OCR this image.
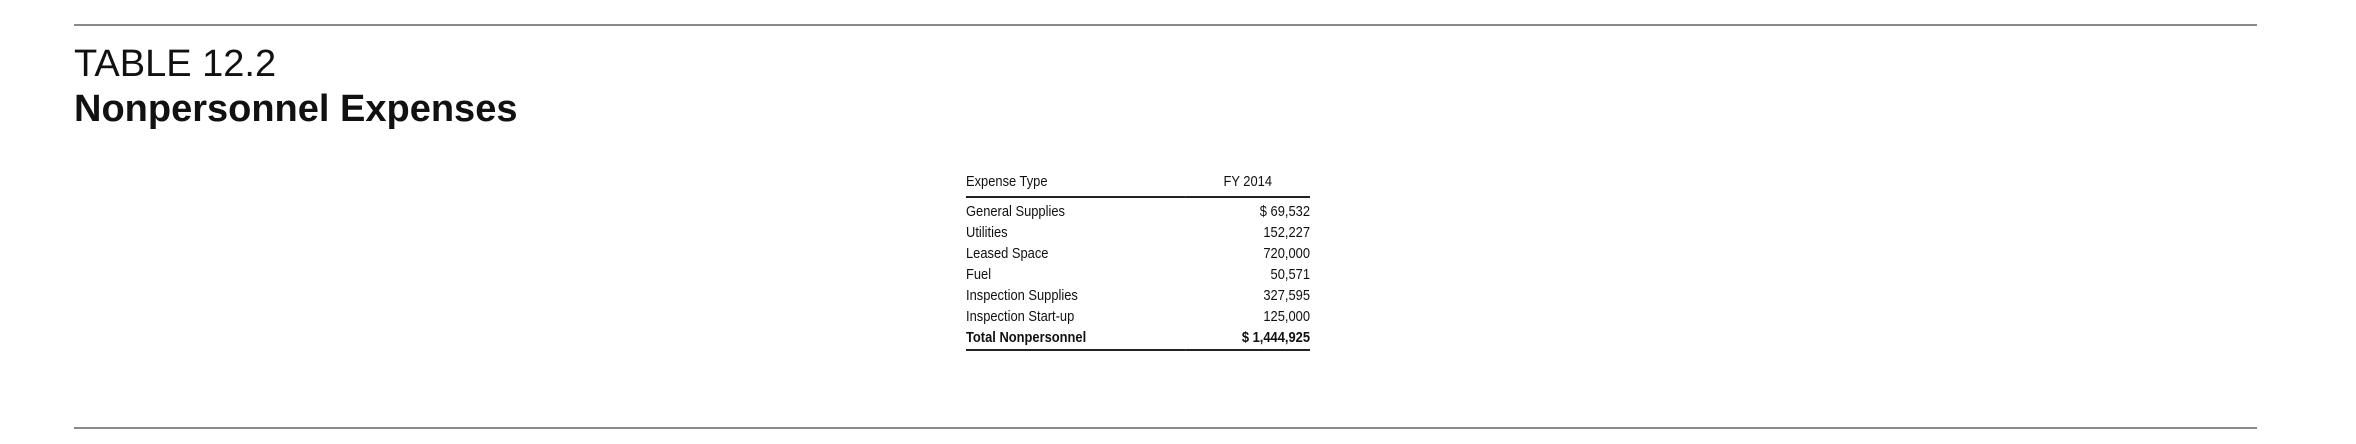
TABLE 12.2
Nonpersonnel Expenses
Expense Type	FY 2014
General Supplies	$ 69,532
Utilities	152,227
Leased Space	720,000
Fuel	50,571
Inspection Supplies	327,595
Inspection Start-up	125,000
Total Nonpersonnel	$ 1,444,925
